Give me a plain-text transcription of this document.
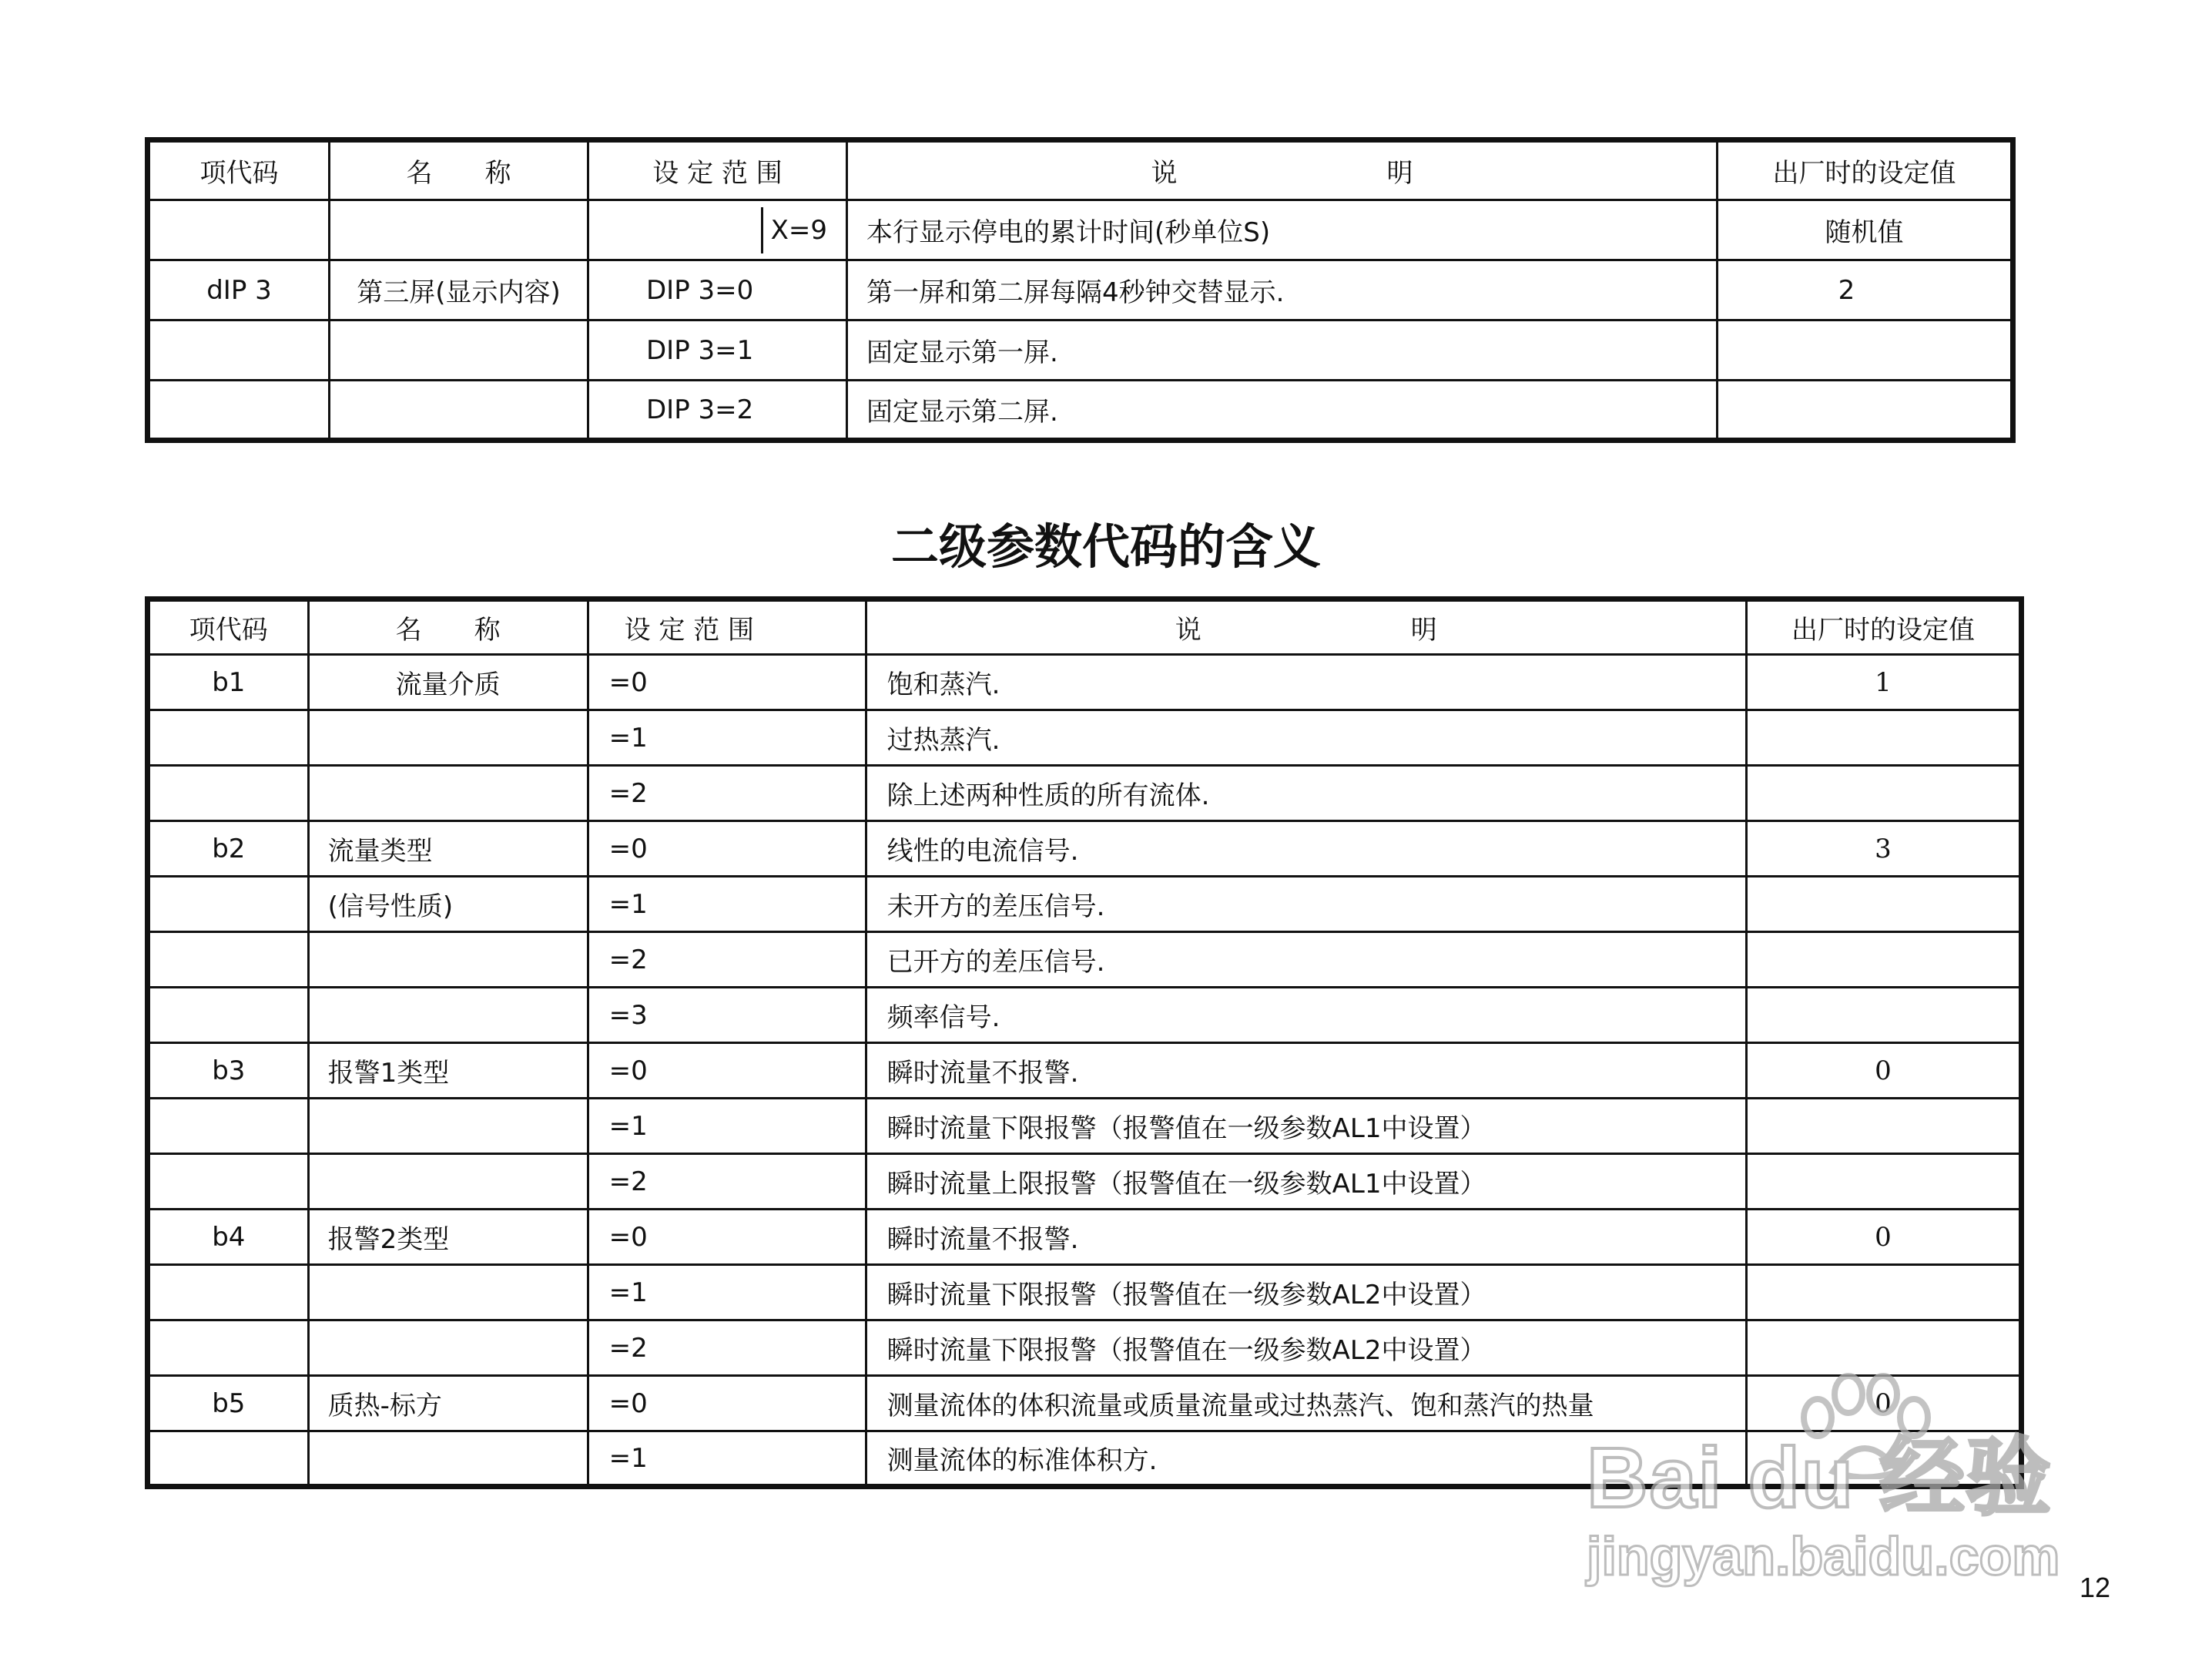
项代码	名　　称	设 定 范 围	说　　　　　　　　明	出厂时的设定值
		X=9	本行显示停电的累计时间(秒单位S)	随机值
dIP 3	第三屏(显示内容)	DIP 3=0	第一屏和第二屏每隔4秒钟交替显示.	2
		DIP 3=1	固定显示第一屏.	
		DIP 3=2	固定显示第二屏.	
二级参数代码的含义
项代码	名　　称	设 定 范 围	说　　　　　　　　明	出厂时的设定值
b1	流量介质	=0	饱和蒸汽.	1
		=1	过热蒸汽.	
		=2	除上述两种性质的所有流体.	
b2	流量类型	=0	线性的电流信号.	3
	(信号性质)	=1	未开方的差压信号.	
		=2	已开方的差压信号.	
		=3	频率信号.	
b3	报警1类型	=0	瞬时流量不报警.	0
		=1	瞬时流量下限报警（报警值在一级参数AL1中设置）	
		=2	瞬时流量上限报警（报警值在一级参数AL1中设置）	
b4	报警2类型	=0	瞬时流量不报警.	0
		=1	瞬时流量下限报警（报警值在一级参数AL2中设置）	
		=2	瞬时流量下限报警（报警值在一级参数AL2中设置）	
b5	质热-标方	=0	测量流体的体积流量或质量流量或过热蒸汽、饱和蒸汽的热量	0
		=1	测量流体的标准体积方.	
12
Bai du 经验
jingyan.baidu.com
